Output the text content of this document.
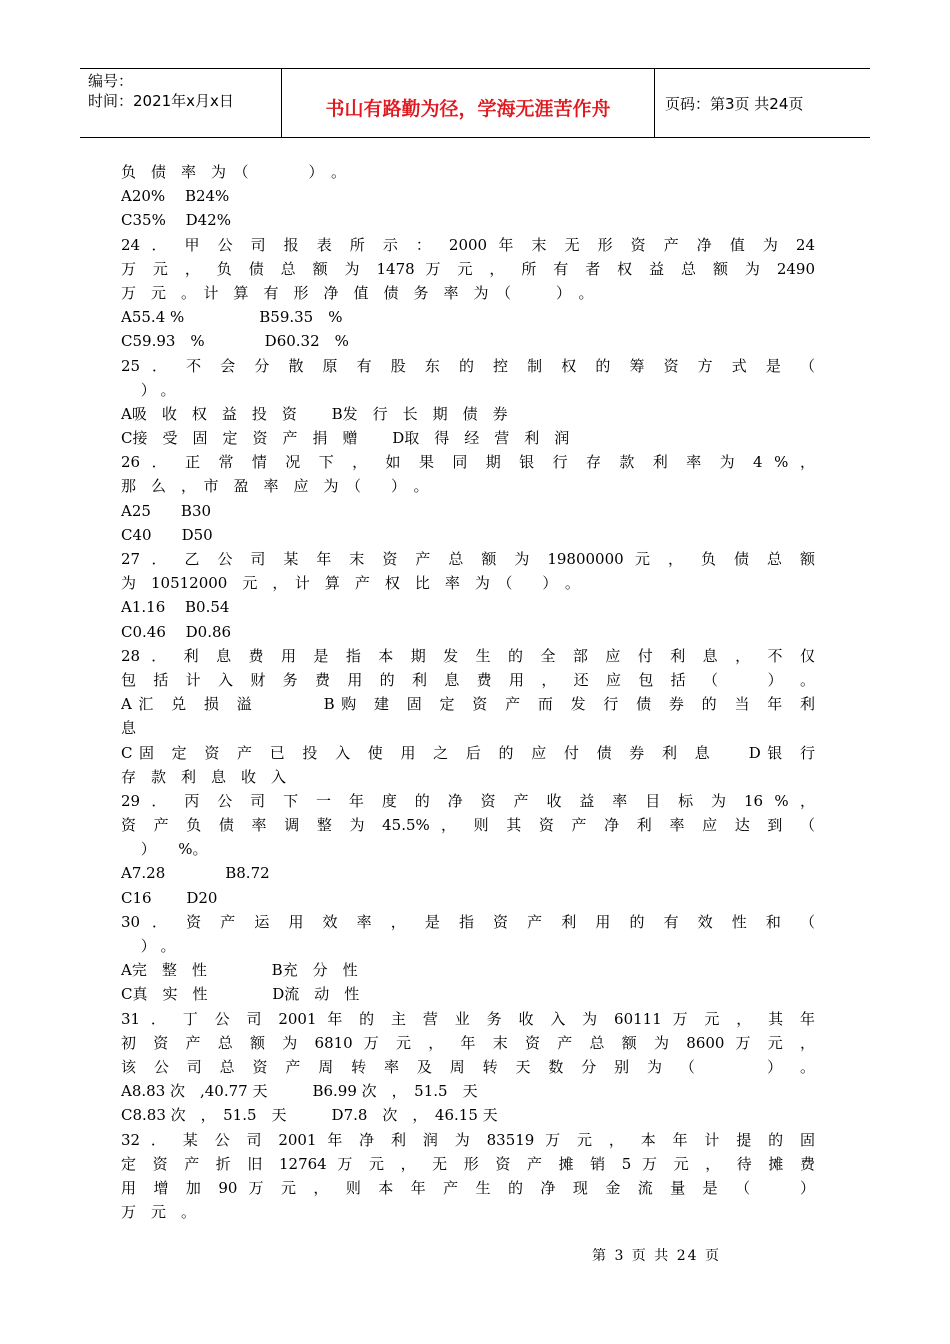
编号：
时间：2021年x月x日	书山有路勤为径，学海无涯苦作舟	页码：第3页 共24页
负　债　率　为　（　　　　）　。
A20%　 B24%
C35%　 D42%
24 ． 甲 公 司 报 表 所 示 ： 2000 年 末 无 形 资 产 净 值 为 24
万 元 ， 负 债 总 额 为 1478 万 元 ， 所 有 者 权 益 总 额 为 2490
万　元　。　计　算　有　形　净　值　债　务　率　为　（　　　）　。
A55.4 %　　　　　B59.35　%
C59.93　%　　　　D60.32　%
25 ． 不 会 分 散 原 有 股 东 的 控 制 权 的 筹 资 方 式 是 （
　 ） 。
A吸　收　权　益　投　资　　 B发　行　长　期　债　券
C接　受　固　定　资　产　捐　赠　　 D取　得　经　营　利　润
26 ． 正 常 情 况 下 ， 如 果 同 期 银 行 存 款 利 率 为 4 % ，
那　么　，　市　盈　率　应　为　（　　）　。
A25　　B30
C40　　D50
27 ． 乙 公 司 某 年 末 资 产 总 额 为 19800000 元 ， 负 债 总 额
为　10512000　元　，　计　算　产　权　比　率　为　（　　）　。
A1.16　 B0.54
C0.46　 D0.86
28 ． 利 息 费 用 是 指 本 期 发 生 的 全 部 应 付 利 息 ， 不 仅
包 括 计 入 财 务 费 用 的 利 息 费 用 ， 还 应 包 括 （ 　 ） 。
A汇 兑 损 溢 　　 B购 建 固 定 资 产 而 发 行 债 券 的 当 年 利
息
C固 定 资 产 已 投 入 使 用 之 后 的 应 付 债 券 利 息 　D银 行
存　款　利　息　收　入
29 ． 丙 公 司 下 一 年 度 的 净 资 产 收 益 率 目 标 为 16 % ，
资 产 负 债 率 调 整 为 45.5% ， 则 其 资 产 净 利 率 应 达 到 （
　 ）　　%。
A7.28　　　　B8.72
C16　　 D20
30 ． 资 产 运 用 效 率 ， 是 指 资 产 利 用 的 有 效 性 和 （
　 ） 。
A完　整　性　　　　 B充　分　性
C真　实　性　　　　 D流　动　性
31 ． 丁 公 司 2001 年 的 主 营 业 务 收 入 为 60111 万 元 ， 其 年
初 资 产 总 额 为 6810 万 元 ， 年 末 资 产 总 额 为 8600 万 元 ，
该 公 司 总 资 产 周 转 率 及 周 转 天 数 分 别 为 （ 　　 ） 。
A8.83 次　,40.77 天　　　B6.99 次　，　51.5　天
C8.83 次　，　51.5　天　　　D7.8　次　，　46.15 天
32 ． 某 公 司 2001 年 净 利 润 为 83519 万 元 ， 本 年 计 提 的 固
定 资 产 折 旧 12764 万 元 ， 无 形 资 产 摊 销 5 万 元 ， 待 摊 费
用 增 加 90 万 元 ， 则 本 年 产 生 的 净 现 金 流 量 是 （ 　 ）
万　元　。
第 3 页 共 24 页
